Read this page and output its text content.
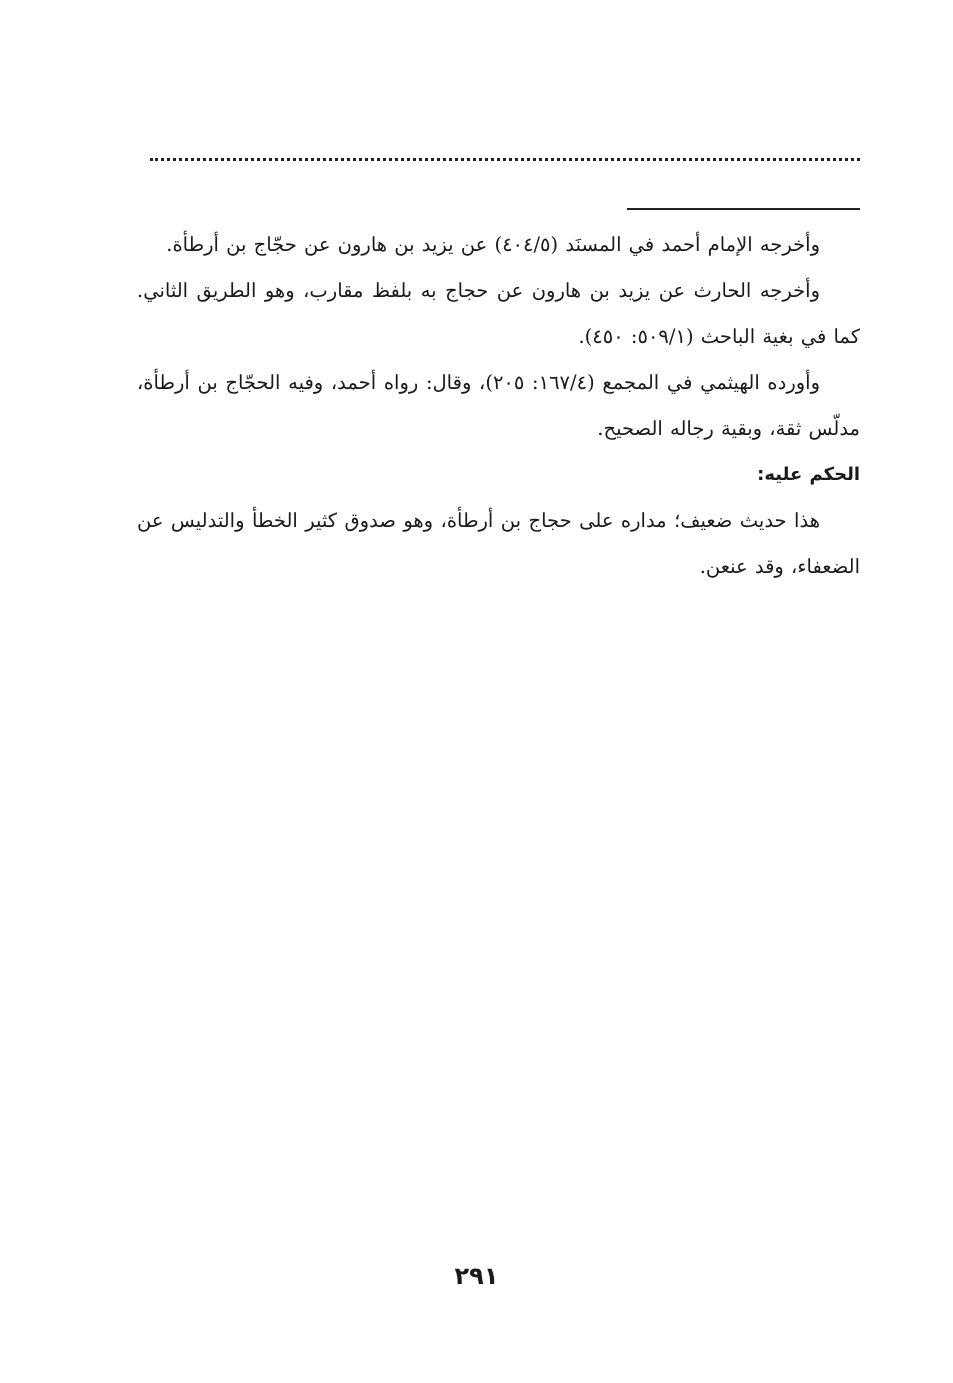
وأخرجه الإمام أحمد في المسنَد (٤٠٤/٥) عن يزيد بن هارون عن حجّاج بن أرطأة.

وأخرجه الحارث عن يزيد بن هارون عن حجاج به بلفظ مقارب، وهو الطريق الثاني. كما في بغية الباحث (٥٠٩/١: ٤٥٠).

وأورده الهيثمي في المجمع (١٦٧/٤: ٢٠٥)، وقال: رواه أحمد، وفيه الحجّاج بن أرطأة، مدلّس ثقة، وبقية رجاله الصحيح.

الحكم عليه:

هذا حديث ضعيف؛ مداره على حجاج بن أرطأة، وهو صدوق كثير الخطأ والتدليس عن الضعفاء، وقد عنعن.

٢٩١
